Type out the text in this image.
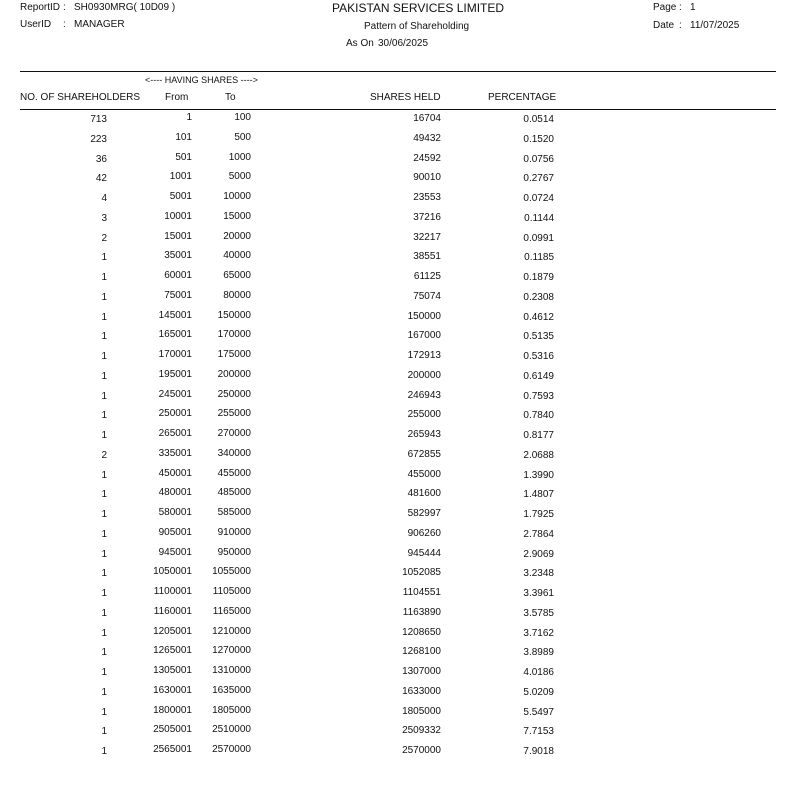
ReportID : SH0930MRG( 10D09 )
UserID : MANAGER
PAKISTAN SERVICES LIMITED
Pattern of Shareholding
As On 30/06/2025
Page : 1
Date : 11/07/2025
<---- HAVING SHARES ---->
NO. OF SHAREHOLDERS From	To	SHARES HELD	PERCENTAGE
713	1	100	16704	0.0514
223	101	500	49432	0.1520
36	501	1000	24592	0.0756
42	1001	5000	90010	0.2767
4	5001	10000	23553	0.0724
3	10001	15000	37216	0.1144
2	15001	20000	32217	0.0991
1	35001	40000	38551	0.1185
1	60001	65000	61125	0.1879
1	75001	80000	75074	0.2308
1	145001	150000	150000	0.4612
1	165001	170000	167000	0.5135
1	170001	175000	172913	0.5316
1	195001	200000	200000	0.6149
1	245001	250000	246943	0.7593
1	250001	255000	255000	0.7840
1	265001	270000	265943	0.8177
2	335001	340000	672855	2.0688
1	450001	455000	455000	1.3990
1	480001	485000	481600	1.4807
1	580001	585000	582997	1.7925
1	905001	910000	906260	2.7864
1	945001	950000	945444	2.9069
1	1050001 1055000	1052085	3.2348
1	1100001 1105000	1104551	3.3961
1	1160001 1165000	1163890	3.5785
1	1205001 1210000	1208650	3.7162
1	1265001 1270000	1268100	3.8989
1	1305001 1310000	1307000	4.0186
1	1630001 1635000	1633000	5.0209
1	1800001 1805000	1805000	5.5497
1	2505001 2510000	2509332	7.7153
1	2565001 2570000	2570000	7.9018
